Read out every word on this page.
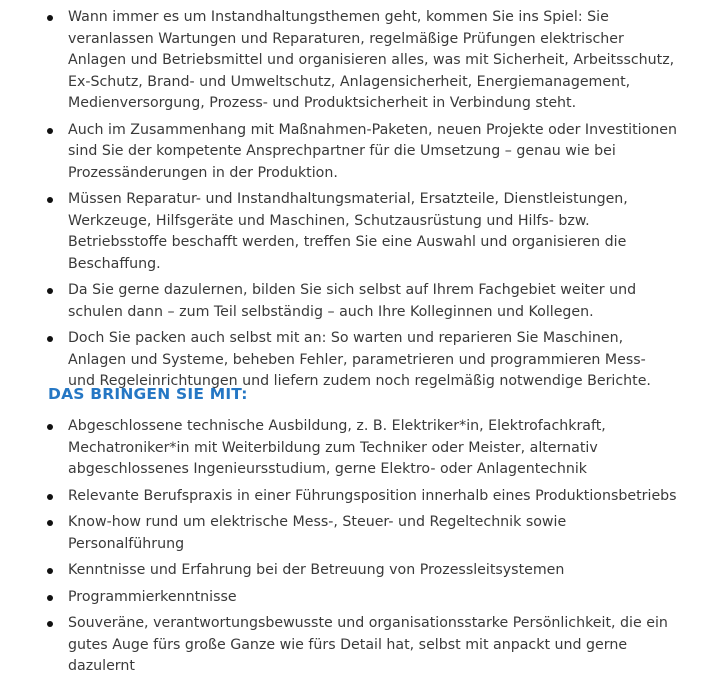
Wann immer es um Instandhaltungsthemen geht, kommen Sie ins Spiel: Sie veranlassen Wartungen und Reparaturen, regelmäßige Prüfungen elektrischer Anlagen und Betriebsmittel und organisieren alles, was mit Sicherheit, Arbeitsschutz, Ex-Schutz, Brand- und Umweltschutz, Anlagensicherheit, Energiemanagement, Medienversorgung, Prozess- und Produktsicherheit in Verbindung steht.
Auch im Zusammenhang mit Maßnahmen-Paketen, neuen Projekte oder Investitionen sind Sie der kompetente Ansprechpartner für die Umsetzung – genau wie bei Prozessänderungen in der Produktion.
Müssen Reparatur- und Instandhaltungsmaterial, Ersatzteile, Dienstleistungen, Werkzeuge, Hilfsgeräte und Maschinen, Schutzausrüstung und Hilfs- bzw. Betriebsstoffe beschafft werden, treffen Sie eine Auswahl und organisieren die Beschaffung.
Da Sie gerne dazulernen, bilden Sie sich selbst auf Ihrem Fachgebiet weiter und schulen dann – zum Teil selbständig – auch Ihre Kolleginnen und Kollegen.
Doch Sie packen auch selbst mit an: So warten und reparieren Sie Maschinen, Anlagen und Systeme, beheben Fehler, parametrieren und programmieren Mess- und Regeleinrichtungen und liefern zudem noch regelmäßig notwendige Berichte.
DAS BRINGEN SIE MIT:
Abgeschlossene technische Ausbildung, z. B. Elektriker*in, Elektrofachkraft, Mechatroniker*in mit Weiterbildung zum Techniker oder Meister, alternativ abgeschlossenes Ingenieursstudium, gerne Elektro- oder Anlagentechnik
Relevante Berufspraxis in einer Führungsposition innerhalb eines Produktionsbetriebs
Know-how rund um elektrische Mess-, Steuer- und Regeltechnik sowie Personalführung
Kenntnisse und Erfahrung bei der Betreuung von Prozessleitsystemen
Programmierkenntnisse
Souveräne, verantwortungsbewusste und organisationsstarke Persönlichkeit, die ein gutes Auge fürs große Ganze wie fürs Detail hat, selbst mit anpackt und gerne dazulernt
